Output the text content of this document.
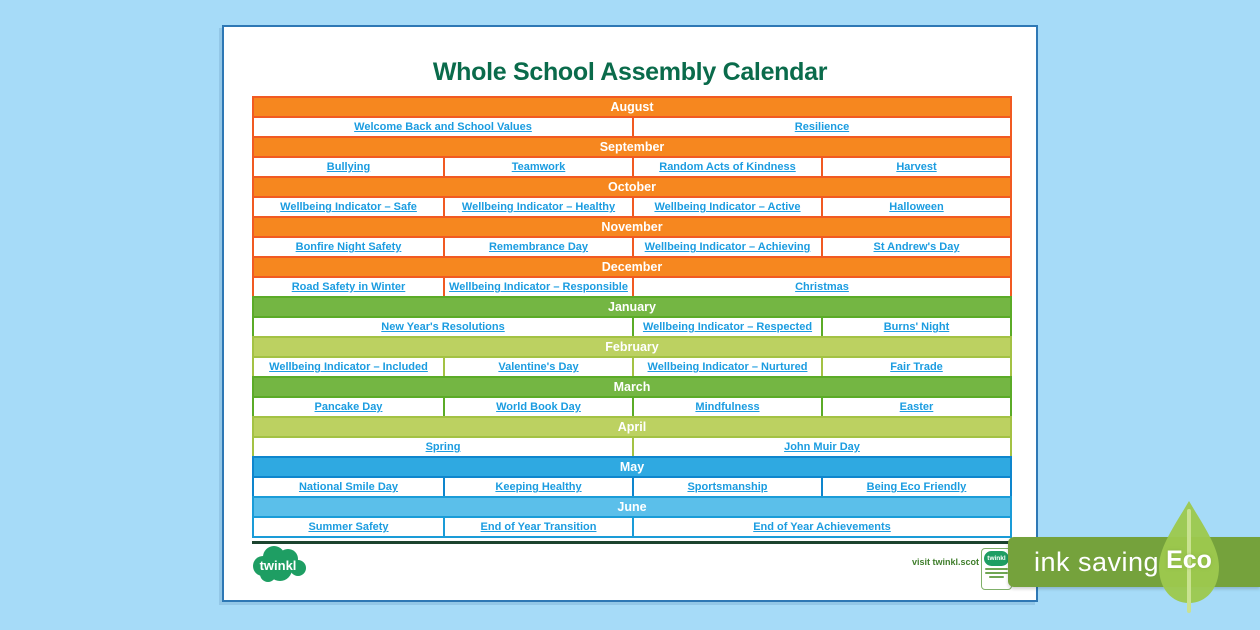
Whole School Assembly Calendar
August
Welcome Back and School Values	Resilience
September
Bullying	Teamwork	Random Acts of Kindness	Harvest
October
Wellbeing Indicator – Safe	Wellbeing Indicator – Healthy	Wellbeing Indicator – Active	Halloween
November
Bonfire Night Safety	Remembrance Day	Wellbeing Indicator – Achieving	St Andrew's Day
December
Road Safety in Winter	Wellbeing Indicator – Responsible	Christmas
January
New Year's Resolutions	Wellbeing Indicator – Respected	Burns' Night
February
Wellbeing Indicator – Included	Valentine's Day	Wellbeing Indicator – Nurtured	Fair Trade
March
Pancake Day	World Book Day	Mindfulness	Easter
April
Spring	John Muir Day
May
National Smile Day	Keeping Healthy	Sportsmanship	Being Eco Friendly
June
Summer Safety	End of Year Transition	End of Year Achievements
twinkl	visit twinkl.scot	twinkl ink saving Eco
